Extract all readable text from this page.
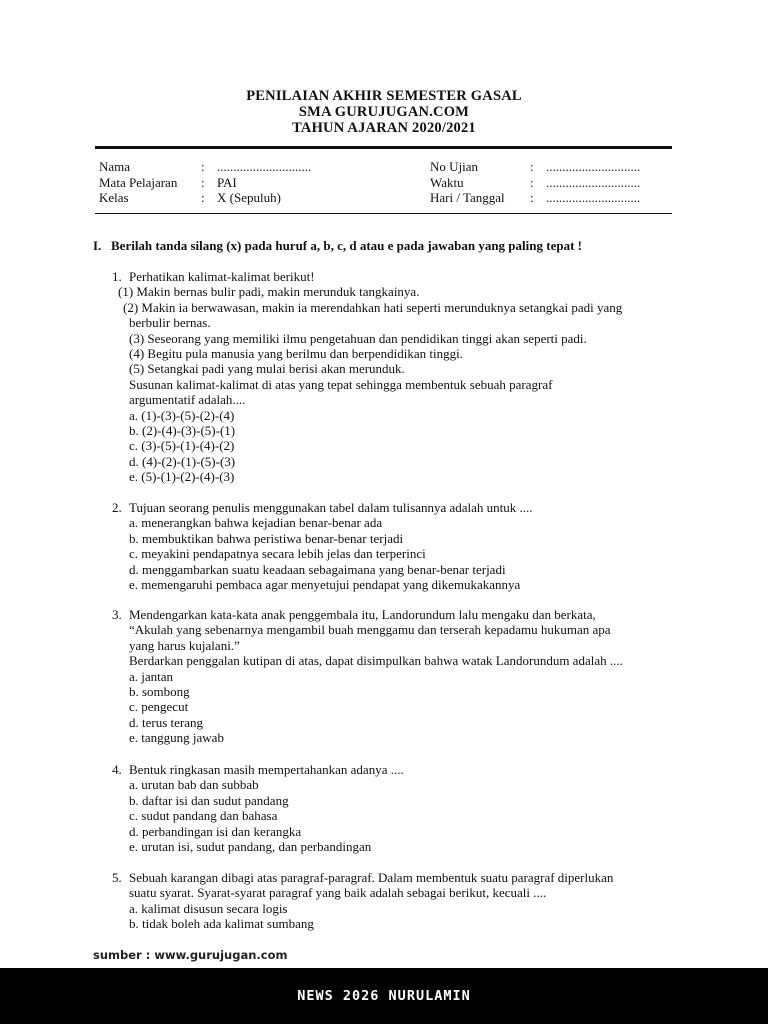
PENILAIAN AKHIR SEMESTER GASAL
SMA GURUJUGAN.COM
TAHUN AJARAN 2020/2021
Nama	: .............................
Mata Pelajaran	: PAI
Kelas	: X (Sepuluh)
No Ujian	: .............................
Waktu	: .............................
Hari / Tanggal	: .............................
I. Berilah tanda silang (x) pada huruf a, b, c, d atau e pada jawaban yang paling tepat !
1. Perhatikan kalimat-kalimat berikut!
(1) Makin bernas bulir padi, makin merunduk tangkainya.
(2) Makin ia berwawasan, makin ia merendahkan hati seperti merunduknya setangkai padi yang
berbulir bernas.
(3) Seseorang yang memiliki ilmu pengetahuan dan pendidikan tinggi akan seperti padi.
(4) Begitu pula manusia yang berilmu dan berpendidikan tinggi.
(5) Setangkai padi yang mulai berisi akan merunduk.
Susunan kalimat-kalimat di atas yang tepat sehingga membentuk sebuah paragraf
argumentatif adalah....
a. (1)-(3)-(5)-(2)-(4)
b. (2)-(4)-(3)-(5)-(1)
c. (3)-(5)-(1)-(4)-(2)
d. (4)-(2)-(1)-(5)-(3)
e. (5)-(1)-(2)-(4)-(3)
2. Tujuan seorang penulis menggunakan tabel dalam tulisannya adalah untuk ....
a. menerangkan bahwa kejadian benar-benar ada
b. membuktikan bahwa peristiwa benar-benar terjadi
c. meyakini pendapatnya secara lebih jelas dan terperinci
d. menggambarkan suatu keadaan sebagaimana yang benar-benar terjadi
e. memengaruhi pembaca agar menyetujui pendapat yang dikemukakannya
3. Mendengarkan kata-kata anak penggembala itu, Landorundum lalu mengaku dan berkata,
“Akulah yang sebenarnya mengambil buah menggamu dan terserah kepadamu hukuman apa
yang harus kujalani.”
Berdarkan penggalan kutipan di atas, dapat disimpulkan bahwa watak Landorundum adalah ....
a. jantan
b. sombong
c. pengecut
d. terus terang
e. tanggung jawab
4. Bentuk ringkasan masih mempertahankan adanya ....
a. urutan bab dan subbab
b. daftar isi dan sudut pandang
c. sudut pandang dan bahasa
d. perbandingan isi dan kerangka
e. urutan isi, sudut pandang, dan perbandingan
5. Sebuah karangan dibagi atas paragraf-paragraf. Dalam membentuk suatu paragraf diperlukan
suatu syarat. Syarat-syarat paragraf yang baik adalah sebagai berikut, kecuali ....
a. kalimat disusun secara logis
b. tidak boleh ada kalimat sumbang
sumber : www.gurujugan.com
NEWS 2026 NURULAMIN
